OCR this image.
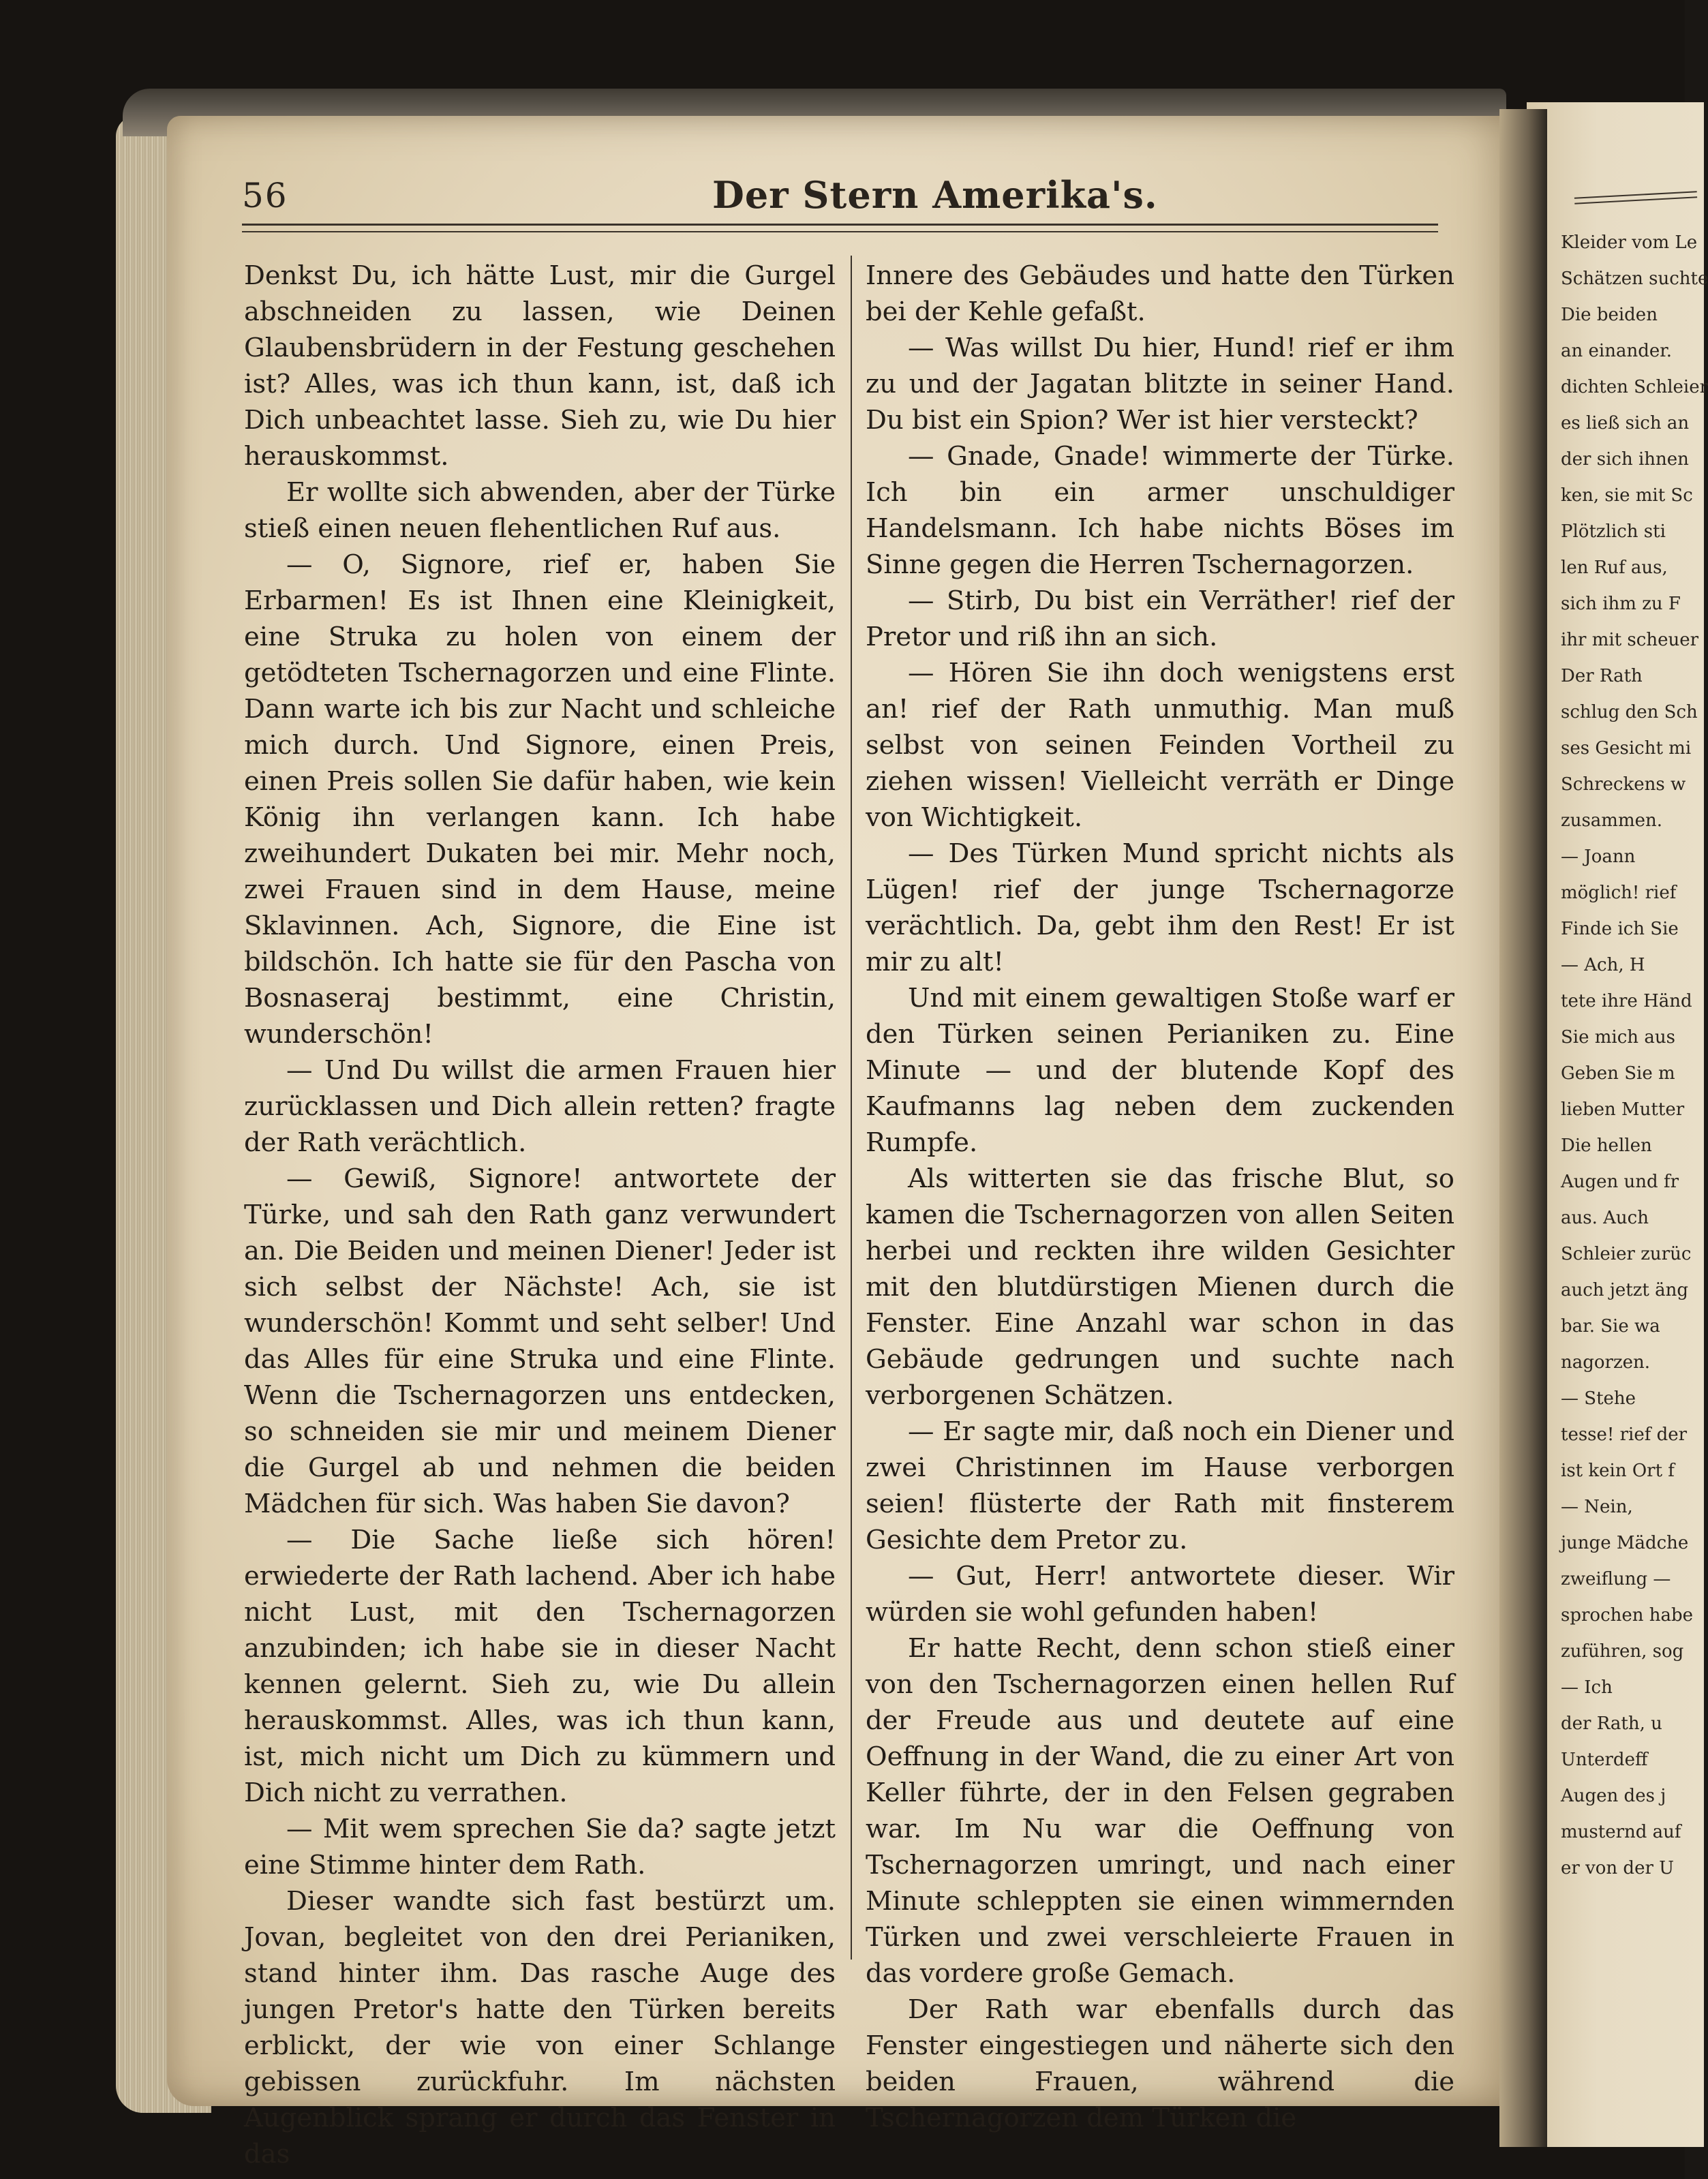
Kleider vom Le
Schätzen suchte
Die beiden
an einander.
dichten Schleier
es ließ sich an
der sich ihnen
ken, sie mit Sc
Plötzlich sti
len Ruf aus,
sich ihm zu F
ihr mit scheuer
Der Rath
schlug den Sch
ses Gesicht mi
Schreckens w
zusammen.
— Joann
möglich! rief
Finde ich Sie
— Ach, H
tete ihre Händ
Sie mich aus
Geben Sie m
lieben Mutter
Die hellen
Augen und fr
aus. Auch
Schleier zurüc
auch jetzt äng
bar. Sie wa
nagorzen.
— Stehe
tesse! rief der
ist kein Ort f
— Nein,
junge Mädche
zweiflung —
sprochen habe
zuführen, sog
— Ich
der Rath, u
Unterdeff
Augen des j
musternd auf
er von der U
56	Der Stern Amerika's.

Denkst Du, ich hätte Lust, mir die Gurgel abschneiden zu lassen, wie Deinen Glaubensbrüdern in der Festung geschehen ist? Alles, was ich thun kann, ist, daß ich Dich unbeachtet lasse. Sieh zu, wie Du hier herauskommst.

Er wollte sich abwenden, aber der Türke stieß einen neuen flehentlichen Ruf aus.

— O, Signore, rief er, haben Sie Erbarmen! Es ist Ihnen eine Kleinigkeit, eine Struka zu holen von einem der getödteten Tschernagorzen und eine Flinte. Dann warte ich bis zur Nacht und schleiche mich durch. Und Signore, einen Preis, einen Preis sollen Sie dafür haben, wie kein König ihn verlangen kann. Ich habe zweihundert Dukaten bei mir. Mehr noch, zwei Frauen sind in dem Hause, meine Sklavinnen. Ach, Signore, die Eine ist bildschön. Ich hatte sie für den Pascha von Bosnaseraj bestimmt, eine Christin, wunderschön!

— Und Du willst die armen Frauen hier zurücklassen und Dich allein retten? fragte der Rath verächtlich.

— Gewiß, Signore! antwortete der Türke, und sah den Rath ganz verwundert an. Die Beiden und meinen Diener! Jeder ist sich selbst der Nächste! Ach, sie ist wunderschön! Kommt und seht selber! Und das Alles für eine Struka und eine Flinte. Wenn die Tschernagorzen uns entdecken, so schneiden sie mir und meinem Diener die Gurgel ab und nehmen die beiden Mädchen für sich. Was haben Sie davon?

— Die Sache ließe sich hören! erwiederte der Rath lachend. Aber ich habe nicht Lust, mit den Tschernagorzen anzubinden; ich habe sie in dieser Nacht kennen gelernt. Sieh zu, wie Du allein herauskommst. Alles, was ich thun kann, ist, mich nicht um Dich zu kümmern und Dich nicht zu verrathen.

— Mit wem sprechen Sie da? sagte jetzt eine Stimme hinter dem Rath.

Dieser wandte sich fast bestürzt um. Jovan, begleitet von den drei Perianiken, stand hinter ihm. Das rasche Auge des jungen Pretor's hatte den Türken bereits erblickt, der wie von einer Schlange gebissen zurückfuhr. Im nächsten Augenblick sprang er durch das Fenster in das

Innere des Gebäudes und hatte den Türken bei der Kehle gefaßt.

— Was willst Du hier, Hund! rief er ihm zu und der Jagatan blitzte in seiner Hand. Du bist ein Spion? Wer ist hier versteckt?

— Gnade, Gnade! wimmerte der Türke. Ich bin ein armer unschuldiger Handelsmann. Ich habe nichts Böses im Sinne gegen die Herren Tschernagorzen.

— Stirb, Du bist ein Verräther! rief der Pretor und riß ihn an sich.

— Hören Sie ihn doch wenigstens erst an! rief der Rath unmuthig. Man muß selbst von seinen Feinden Vortheil zu ziehen wissen! Vielleicht verräth er Dinge von Wichtigkeit.

— Des Türken Mund spricht nichts als Lügen! rief der junge Tschernagorze verächtlich. Da, gebt ihm den Rest! Er ist mir zu alt!

Und mit einem gewaltigen Stoße warf er den Türken seinen Perianiken zu. Eine Minute — und der blutende Kopf des Kaufmanns lag neben dem zuckenden Rumpfe.

Als witterten sie das frische Blut, so kamen die Tschernagorzen von allen Seiten herbei und reckten ihre wilden Gesichter mit den blutdürstigen Mienen durch die Fenster. Eine Anzahl war schon in das Gebäude gedrungen und suchte nach verborgenen Schätzen.

— Er sagte mir, daß noch ein Diener und zwei Christinnen im Hause verborgen seien! flüsterte der Rath mit finsterem Gesichte dem Pretor zu.

— Gut, Herr! antwortete dieser. Wir würden sie wohl gefunden haben!

Er hatte Recht, denn schon stieß einer von den Tschernagorzen einen hellen Ruf der Freude aus und deutete auf eine Oeffnung in der Wand, die zu einer Art von Keller führte, der in den Felsen gegraben war. Im Nu war die Oeffnung von Tschernagorzen umringt, und nach einer Minute schleppten sie einen wimmernden Türken und zwei verschleierte Frauen in das vordere große Gemach.

Der Rath war ebenfalls durch das Fenster eingestiegen und näherte sich den beiden Frauen, während die Tschernagorzen dem Türken die
